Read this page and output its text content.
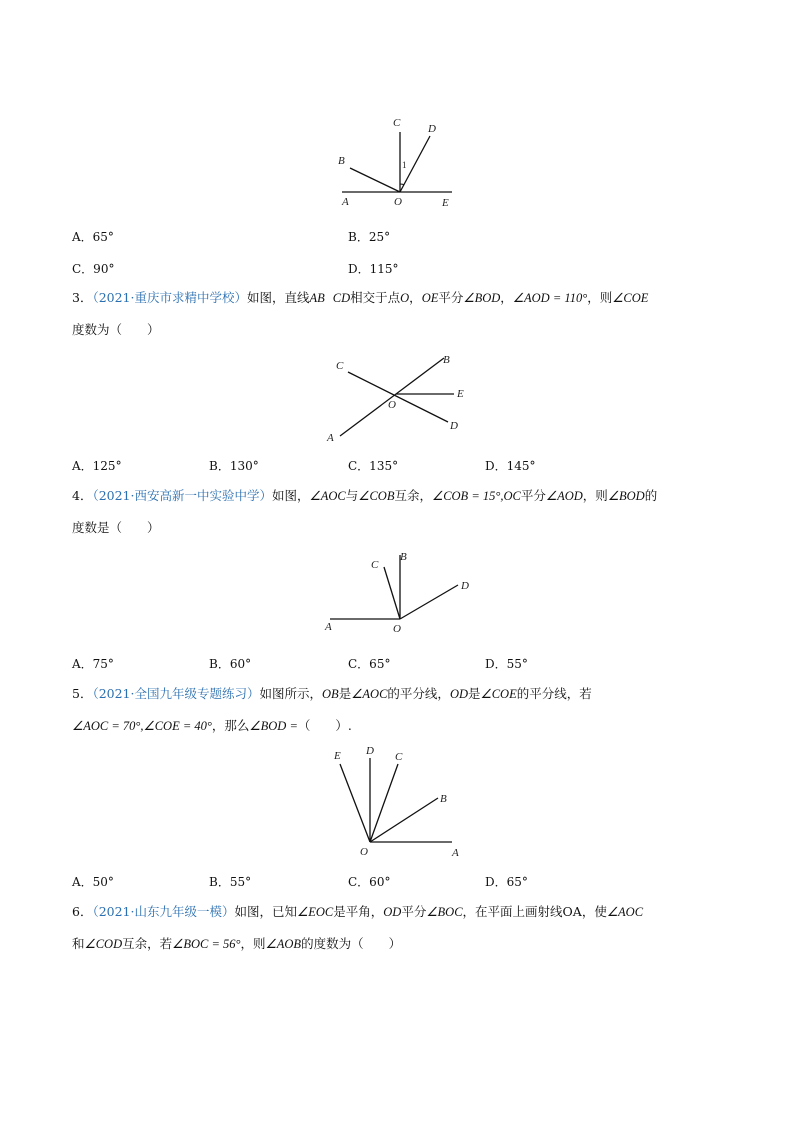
C	D
B	1
A	O	E
A．65°	B．25°
C．90°	D．115°
3．（2021·重庆市求精中学校）如图，直线AB CD相交于点O，OE平分∠BOD，∠AOD = 110°，则∠COE
度数为（　　）
C	B
O
E
A
D
A．125°	B．130°	C．135°	D．145°
4．（2021·西安高新一中实验中学）如图，∠AOC与∠COB互余，∠COB = 15°,OC平分∠AOD，则∠BOD的
度数是（　　）
C
B
D
A	O
A．75°	B．60°	C．65°	D．55°
5．（2021·全国九年级专题练习）如图所示，OB是∠AOC的平分线，OD是∠COE的平分线，若
∠AOC = 70°,∠COE = 40°，那么∠BOD =（　　）.
E D C
B
O	A
A．50°	B．55°	C．60°	D．65°
6．（2021·山东九年级一模）如图，已知∠EOC是平角，OD平分∠BOC，在平面上画射线OA，使∠AOC
和∠COD互余，若∠BOC = 56°，则∠AOB的度数为（　　）
